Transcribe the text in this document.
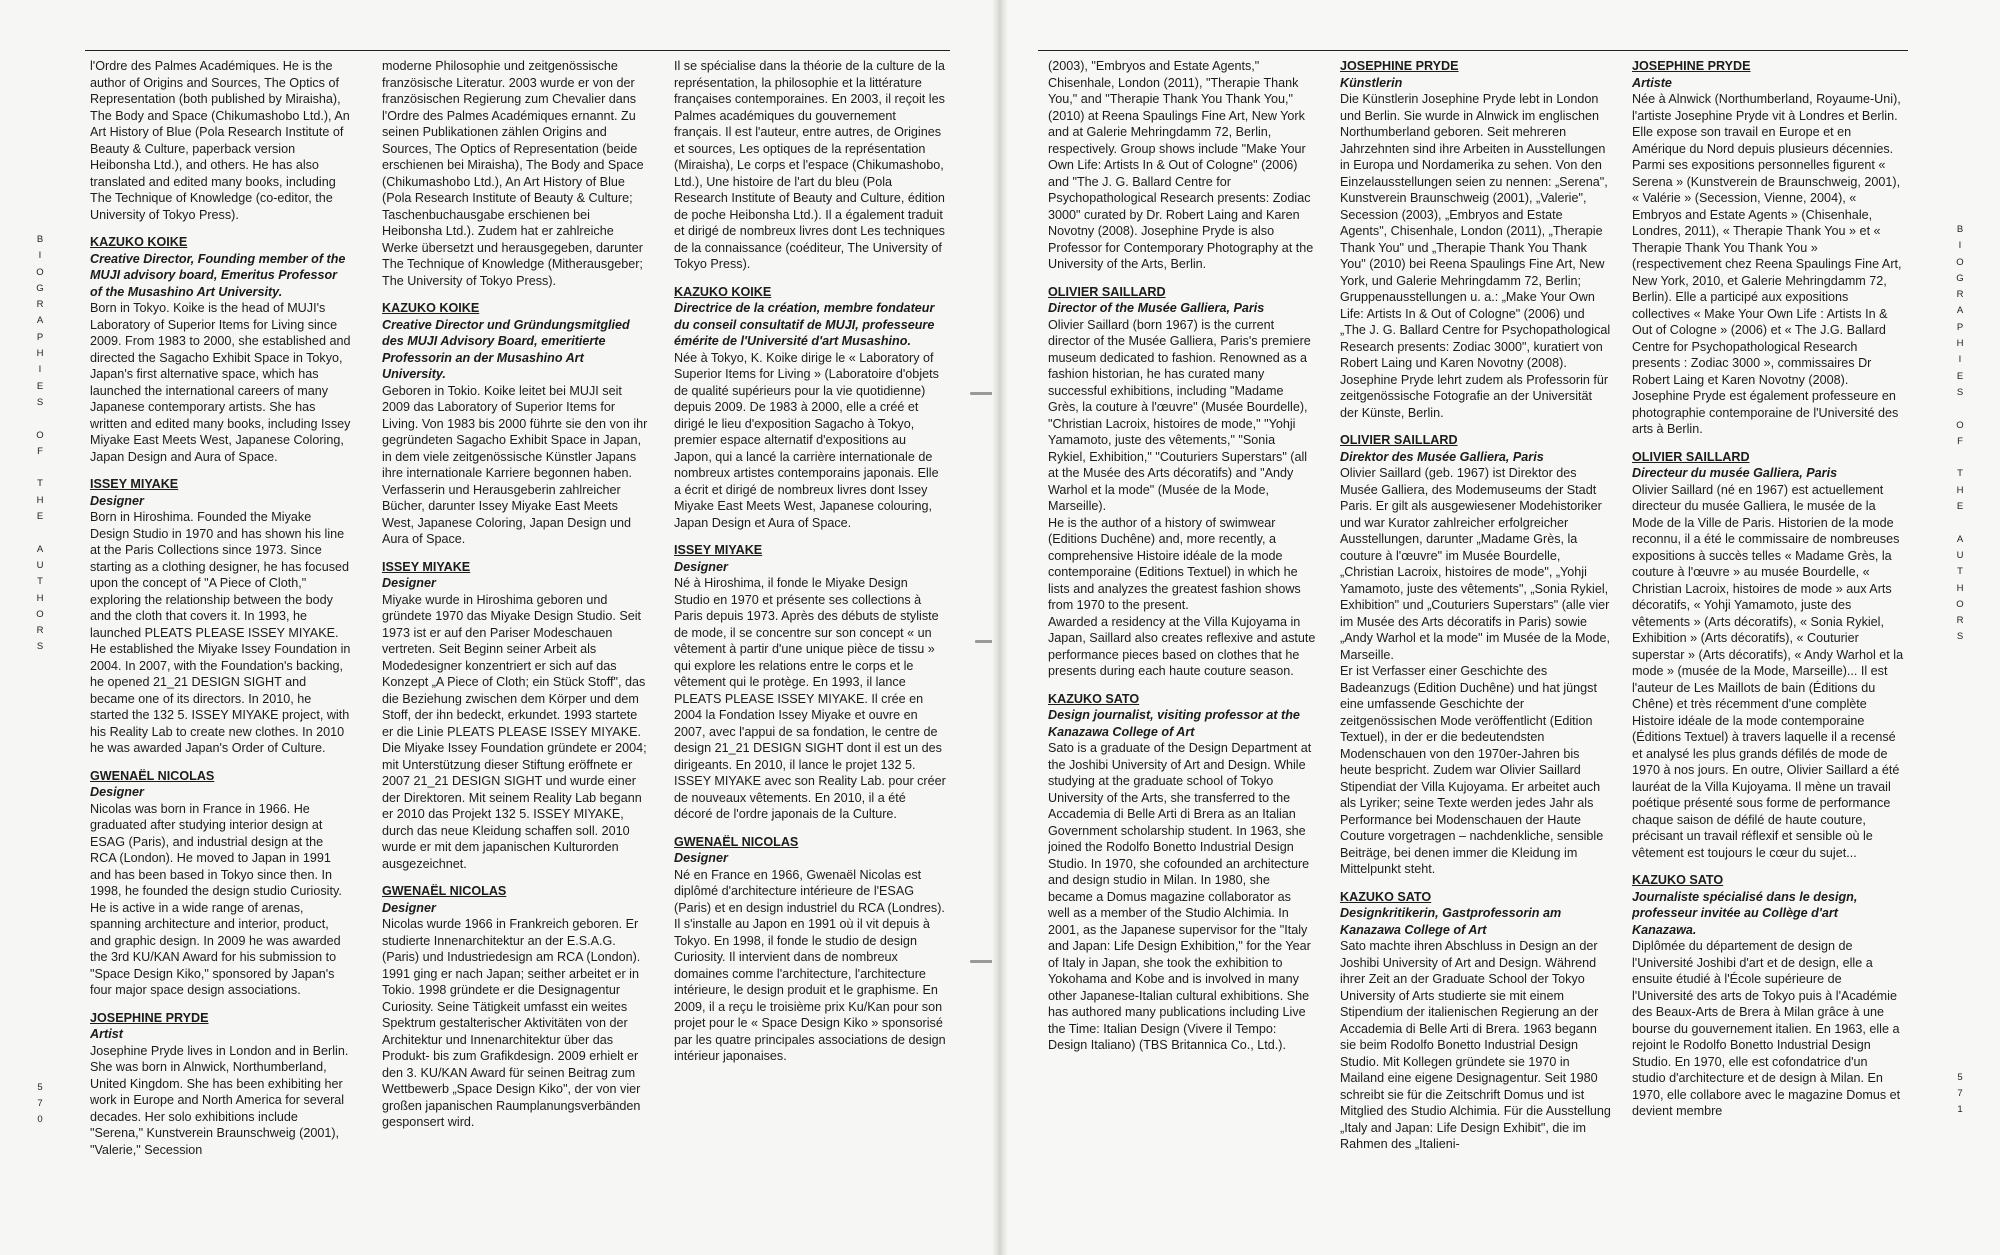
B
I
O
G
R
A
P
H
I
E
S

O
F

T
H
E

A
U
T
H
O
R
S
5
7
0
l'Ordre des Palmes Académiques. He is the author of Origins and Sources, The Optics of Representation (both published by Miraisha), The Body and Space (Chikumashobo Ltd.), An Art History of Blue (Pola Research Institute of Beauty & Culture, paperback version Heibonsha Ltd.), and others. He has also translated and edited many books, including The Technique of Knowledge (co-editor, the University of Tokyo Press).
KAZUKO KOIKE
Creative Director, Founding member of the MUJI advisory board, Emeritus Professor of the Musashino Art University.
Born in Tokyo. Koike is the head of MUJI's Laboratory of Superior Items for Living since 2009. From 1983 to 2000, she established and directed the Sagacho Exhibit Space in Tokyo, Japan's first alternative space, which has launched the international careers of many Japanese contemporary artists. She has written and edited many books, including Issey Miyake East Meets West, Japanese Coloring, Japan Design and Aura of Space.
ISSEY MIYAKE
Designer
Born in Hiroshima. Founded the Miyake Design Studio in 1970 and has shown his line at the Paris Collections since 1973. Since starting as a clothing designer, he has focused upon the concept of "A Piece of Cloth," exploring the relationship between the body and the cloth that covers it. In 1993, he launched PLEATS PLEASE ISSEY MIYAKE. He established the Miyake Issey Foundation in 2004. In 2007, with the Foundation's backing, he opened 21_21 DESIGN SIGHT and became one of its directors. In 2010, he started the 132 5. ISSEY MIYAKE project, with his Reality Lab to create new clothes. In 2010 he was awarded Japan's Order of Culture.
GWENAËL NICOLAS
Designer
Nicolas was born in France in 1966. He graduated after studying interior design at ESAG (Paris), and industrial design at the RCA (London). He moved to Japan in 1991 and has been based in Tokyo since then. In 1998, he founded the design studio Curiosity. He is active in a wide range of arenas, spanning architecture and interior, product, and graphic design. In 2009 he was awarded the 3rd KU/KAN Award for his submission to "Space Design Kiko," sponsored by Japan's four major space design associations.
JOSEPHINE PRYDE
Artist
Josephine Pryde lives in London and in Berlin. She was born in Alnwick, Northumberland, United Kingdom. She has been exhibiting her work in Europe and North America for several decades. Her solo exhibitions include "Serena," Kunstverein Braunschweig (2001), "Valerie," Secession
moderne Philosophie und zeitgenössische französische Literatur. 2003 wurde er von der französischen Regierung zum Chevalier dans l'Ordre des Palmes Académiques ernannt. Zu seinen Publikationen zählen Origins and Sources, The Optics of Representation (beide erschienen bei Miraisha), The Body and Space (Chikumashobo Ltd.), An Art History of Blue (Pola Research Institute of Beauty & Culture; Taschenbuchausgabe erschienen bei Heibonsha Ltd.). Zudem hat er zahlreiche Werke übersetzt und herausgegeben, darunter The Technique of Knowledge (Mitherausgeber; The University of Tokyo Press).
KAZUKO KOIKE
Creative Director und Gründungsmitglied des MUJI Advisory Board, emeritierte Professorin an der Musashino Art University.
Geboren in Tokio. Koike leitet bei MUJI seit 2009 das Laboratory of Superior Items for Living. Von 1983 bis 2000 führte sie den von ihr gegründeten Sagacho Exhibit Space in Japan, in dem viele zeitgenössische Künstler Japans ihre internationale Karriere begonnen haben. Verfasserin und Herausgeberin zahlreicher Bücher, darunter Issey Miyake East Meets West, Japanese Coloring, Japan Design und Aura of Space.
ISSEY MIYAKE
Designer
Miyake wurde in Hiroshima geboren und gründete 1970 das Miyake Design Studio. Seit 1973 ist er auf den Pariser Modeschauen vertreten. Seit Beginn seiner Arbeit als Modedesigner konzentriert er sich auf das Konzept „A Piece of Cloth; ein Stück Stoff", das die Beziehung zwischen dem Körper und dem Stoff, der ihn bedeckt, erkundet. 1993 startete er die Linie PLEATS PLEASE ISSEY MIYAKE. Die Miyake Issey Foundation gründete er 2004; mit Unterstützung dieser Stiftung eröffnete er 2007 21_21 DESIGN SIGHT und wurde einer der Direktoren. Mit seinem Reality Lab begann er 2010 das Projekt 132 5. ISSEY MIYAKE, durch das neue Kleidung schaffen soll. 2010 wurde er mit dem japanischen Kulturorden ausgezeichnet.
GWENAËL NICOLAS
Designer
Nicolas wurde 1966 in Frankreich geboren. Er studierte Innenarchitektur an der E.S.A.G. (Paris) und Industriedesign am RCA (London). 1991 ging er nach Japan; seither arbeitet er in Tokio. 1998 gründete er die Designagentur Curiosity. Seine Tätigkeit umfasst ein weites Spektrum gestalterischer Aktivitäten von der Architektur und Innenarchitektur über das Produkt- bis zum Grafikdesign. 2009 erhielt er den 3. KU/KAN Award für seinen Beitrag zum Wettbewerb „Space Design Kiko", der von vier großen japanischen Raumplanungsverbänden gesponsert wird.
Il se spécialise dans la théorie de la culture de la représentation, la philosophie et la littérature françaises contemporaines. En 2003, il reçoit les Palmes académiques du gouvernement français. Il est l'auteur, entre autres, de Origines et sources, Les optiques de la représentation (Miraisha), Le corps et l'espace (Chikumashobo, Ltd.), Une histoire de l'art du bleu (Pola Research Institute of Beauty and Culture, édition de poche Heibonsha Ltd.). Il a également traduit et dirigé de nombreux livres dont Les techniques de la connaissance (coéditeur, The University of Tokyo Press).
KAZUKO KOIKE
Directrice de la création, membre fondateur du conseil consultatif de MUJI, professeure émérite de l'Université d'art Musashino.
Née à Tokyo, K. Koike dirige le « Laboratory of Superior Items for Living » (Laboratoire d'objets de qualité supérieurs pour la vie quotidienne) depuis 2009. De 1983 à 2000, elle a créé et dirigé le lieu d'exposition Sagacho à Tokyo, premier espace alternatif d'expositions au Japon, qui a lancé la carrière internationale de nombreux artistes contemporains japonais. Elle a écrit et dirigé de nombreux livres dont Issey Miyake East Meets West, Japanese colouring, Japan Design et Aura of Space.
ISSEY MIYAKE
Designer
Né à Hiroshima, il fonde le Miyake Design Studio en 1970 et présente ses collections à Paris depuis 1973. Après des débuts de styliste de mode, il se concentre sur son concept « un vêtement à partir d'une unique pièce de tissu » qui explore les relations entre le corps et le vêtement qui le protège. En 1993, il lance PLEATS PLEASE ISSEY MIYAKE. Il crée en 2004 la Fondation Issey Miyake et ouvre en 2007, avec l'appui de sa fondation, le centre de design 21_21 DESIGN SIGHT dont il est un des dirigeants. En 2010, il lance le projet 132 5. ISSEY MIYAKE avec son Reality Lab. pour créer de nouveaux vêtements. En 2010, il a été décoré de l'ordre japonais de la Culture.
GWENAËL NICOLAS
Designer
Né en France en 1966, Gwenaël Nicolas est diplômé d'architecture intérieure de l'ESAG (Paris) et en design industriel du RCA (Londres). Il s'installe au Japon en 1991 où il vit depuis à Tokyo. En 1998, il fonde le studio de design Curiosity. Il intervient dans de nombreux domaines comme l'architecture, l'architecture intérieure, le design produit et le graphisme. En 2009, il a reçu le troisième prix Ku/Kan pour son projet pour le « Space Design Kiko » sponsorisé par les quatre principales associations de design intérieur japonaises.
B
I
O
G
R
A
P
H
I
E
S

O
F

T
H
E

A
U
T
H
O
R
S
5
7
1
(2003), "Embryos and Estate Agents," Chisenhale, London (2011), "Therapie Thank You," and "Therapie Thank You Thank You," (2010) at Reena Spaulings Fine Art, New York and at Galerie Mehringdamm 72, Berlin, respectively. Group shows include "Make Your Own Life: Artists In & Out of Cologne" (2006) and "The J. G. Ballard Centre for Psychopathological Research presents: Zodiac 3000" curated by Dr. Robert Laing and Karen Novotny (2008). Josephine Pryde is also Professor for Contemporary Photography at the University of the Arts, Berlin.
OLIVIER SAILLARD
Director of the Musée Galliera, Paris
Olivier Saillard (born 1967) is the current director of the Musée Galliera, Paris's premiere museum dedicated to fashion. Renowned as a fashion historian, he has curated many successful exhibitions, including "Madame Grès, la couture à l'œuvre" (Musée Bourdelle), "Christian Lacroix, histoires de mode," "Yohji Yamamoto, juste des vêtements," "Sonia Rykiel, Exhibition," "Couturiers Superstars" (all at the Musée des Arts décoratifs) and "Andy Warhol et la mode" (Musée de la Mode, Marseille).
He is the author of a history of swimwear (Editions Duchêne) and, more recently, a comprehensive Histoire idéale de la mode contemporaine (Editions Textuel) in which he lists and analyzes the greatest fashion shows from 1970 to the present.
Awarded a residency at the Villa Kujoyama in Japan, Saillard also creates reflexive and astute performance pieces based on clothes that he presents during each haute couture season.
KAZUKO SATO
Design journalist, visiting professor at the Kanazawa College of Art
Sato is a graduate of the Design Department at the Joshibi University of Art and Design. While studying at the graduate school of Tokyo University of the Arts, she transferred to the Accademia di Belle Arti di Brera as an Italian Government scholarship student. In 1963, she joined the Rodolfo Bonetto Industrial Design Studio. In 1970, she cofounded an architecture and design studio in Milan. In 1980, she became a Domus magazine collaborator as well as a member of the Studio Alchimia. In 2001, as the Japanese supervisor for the "Italy and Japan: Life Design Exhibition," for the Year of Italy in Japan, she took the exhibition to Yokohama and Kobe and is involved in many other Japanese-Italian cultural exhibitions. She has authored many publications including Live the Time: Italian Design (Vivere il Tempo: Design Italiano) (TBS Britannica Co., Ltd.).
JOSEPHINE PRYDE
Künstlerin
Die Künstlerin Josephine Pryde lebt in London und Berlin. Sie wurde in Alnwick im englischen Northumberland geboren. Seit mehreren Jahrzehnten sind ihre Arbeiten in Ausstellungen in Europa und Nordamerika zu sehen. Von den Einzelausstellungen seien zu nennen: „Serena", Kunstverein Braunschweig (2001), „Valerie", Secession (2003), „Embryos and Estate Agents", Chisenhale, London (2011), „Therapie Thank You" und „Therapie Thank You Thank You" (2010) bei Reena Spaulings Fine Art, New York, und Galerie Mehringdamm 72, Berlin; Gruppenausstellungen u. a.: „Make Your Own Life: Artists In & Out of Cologne" (2006) und „The J. G. Ballard Centre for Psychopathological Research presents: Zodiac 3000", kuratiert von Robert Laing und Karen Novotny (2008). Josephine Pryde lehrt zudem als Professorin für zeitgenössische Fotografie an der Universität der Künste, Berlin.
OLIVIER SAILLARD
Direktor des Musée Galliera, Paris
Olivier Saillard (geb. 1967) ist Direktor des Musée Galliera, des Modemuseums der Stadt Paris. Er gilt als ausgewiesener Modehistoriker und war Kurator zahlreicher erfolgreicher Ausstellungen, darunter „Madame Grès, la couture à l'œuvre" im Musée Bourdelle, „Christian Lacroix, histoires de mode", „Yohji Yamamoto, juste des vêtements", „Sonia Rykiel, Exhibition" und „Couturiers Superstars" (alle vier im Musée des Arts décoratifs in Paris) sowie „Andy Warhol et la mode" im Musée de la Mode, Marseille.
Er ist Verfasser einer Geschichte des Badeanzugs (Edition Duchêne) und hat jüngst eine umfassende Geschichte der zeitgenössischen Mode veröffentlicht (Edition Textuel), in der er die bedeutendsten Modenschauen von den 1970er-Jahren bis heute bespricht. Zudem war Olivier Saillard Stipendiat der Villa Kujoyama. Er arbeitet auch als Lyriker; seine Texte werden jedes Jahr als Performance bei Modenschauen der Haute Couture vorgetragen – nachdenkliche, sensible Beiträge, bei denen immer die Kleidung im Mittelpunkt steht.
KAZUKO SATO
Designkritikerin, Gastprofessorin am Kanazawa College of Art
Sato machte ihren Abschluss in Design an der Joshibi University of Art and Design. Während ihrer Zeit an der Graduate School der Tokyo University of Arts studierte sie mit einem Stipendium der italienischen Regierung an der Accademia di Belle Arti di Brera. 1963 begann sie beim Rodolfo Bonetto Industrial Design Studio. Mit Kollegen gründete sie 1970 in Mailand eine eigene Designagentur. Seit 1980 schreibt sie für die Zeitschrift Domus und ist Mitglied des Studio Alchimia. Für die Ausstellung „Italy and Japan: Life Design Exhibit", die im Rahmen des „Italieni-
JOSEPHINE PRYDE
Artiste
Née à Alnwick (Northumberland, Royaume-Uni), l'artiste Josephine Pryde vit à Londres et Berlin. Elle expose son travail en Europe et en Amérique du Nord depuis plusieurs décennies. Parmi ses expositions personnelles figurent « Serena » (Kunstverein de Braunschweig, 2001), « Valérie » (Secession, Vienne, 2004), « Embryos and Estate Agents » (Chisenhale, Londres, 2011), « Therapie Thank You » et « Therapie Thank You Thank You » (respectivement chez Reena Spaulings Fine Art, New York, 2010, et Galerie Mehringdamm 72, Berlin). Elle a participé aux expositions collectives « Make Your Own Life : Artists In & Out of Cologne » (2006) et « The J.G. Ballard Centre for Psychopathological Research presents : Zodiac 3000 », commissaires Dr Robert Laing et Karen Novotny (2008). Josephine Pryde est également professeure en photographie contemporaine de l'Université des arts à Berlin.
OLIVIER SAILLARD
Directeur du musée Galliera, Paris
Olivier Saillard (né en 1967) est actuellement directeur du musée Galliera, le musée de la Mode de la Ville de Paris. Historien de la mode reconnu, il a été le commissaire de nombreuses expositions à succès telles « Madame Grès, la couture à l'œuvre » au musée Bourdelle, « Christian Lacroix, histoires de mode » aux Arts décoratifs, « Yohji Yamamoto, juste des vêtements » (Arts décoratifs), « Sonia Rykiel, Exhibition » (Arts décoratifs), « Couturier superstar » (Arts décoratifs), « Andy Warhol et la mode » (musée de la Mode, Marseille)... Il est l'auteur de Les Maillots de bain (Éditions du Chêne) et très récemment d'une complète Histoire idéale de la mode contemporaine (Éditions Textuel) à travers laquelle il a recensé et analysé les plus grands défilés de mode de 1970 à nos jours. En outre, Olivier Saillard a été lauréat de la Villa Kujoyama. Il mène un travail poétique présenté sous forme de performance chaque saison de défilé de haute couture, précisant un travail réflexif et sensible où le vêtement est toujours le cœur du sujet...
KAZUKO SATO
Journaliste spécialisé dans le design, professeur invitée au Collège d'art Kanazawa.
Diplômée du département de design de l'Université Joshibi d'art et de design, elle a ensuite étudié à l'École supérieure de l'Université des arts de Tokyo puis à l'Académie des Beaux-Arts de Brera à Milan grâce à une bourse du gouvernement italien. En 1963, elle a rejoint le Rodolfo Bonetto Industrial Design Studio. En 1970, elle est cofondatrice d'un studio d'architecture et de design à Milan. En 1970, elle collabore avec le magazine Domus et devient membre
